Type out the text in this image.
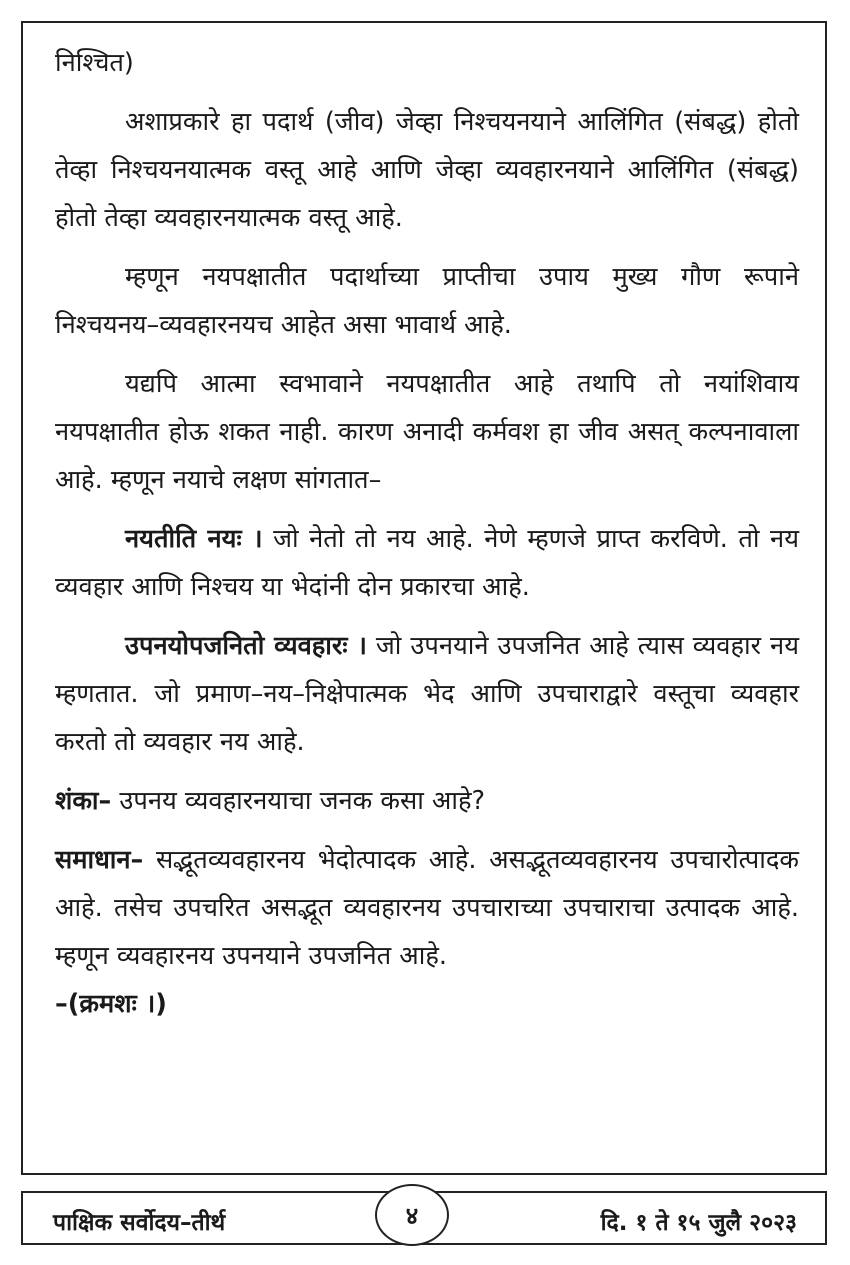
निश्चित)

अशाप्रकारे हा पदार्थ (जीव) जेव्हा निश्चयनयाने आलिंगित (संबद्ध) होतो तेव्हा निश्चयनयात्मक वस्तू आहे आणि जेव्हा व्यवहारनयाने आलिंगित (संबद्ध) होतो तेव्हा व्यवहारनयात्मक वस्तू आहे.

म्हणून नयपक्षातीत पदार्थाच्या प्राप्तीचा उपाय मुख्य गौण रूपाने निश्चयनय–व्यवहारनयच आहेत असा भावार्थ आहे.

यद्यपि आत्मा स्वभावाने नयपक्षातीत आहे तथापि तो नयांशिवाय नयपक्षातीत होऊ शकत नाही. कारण अनादी कर्मवश हा जीव असत् कल्पनावाला आहे. म्हणून नयाचे लक्षण सांगतात–

नयतीति नयः । जो नेतो तो नय आहे. नेणे म्हणजे प्राप्त करविणे. तो नय व्यवहार आणि निश्चय या भेदांनी दोन प्रकारचा आहे.

उपनयोपजनितो व्यवहारः । जो उपनयाने उपजनित आहे त्यास व्यवहार नय म्हणतात. जो प्रमाण–नय–निक्षेपात्मक भेद आणि उपचाराद्वारे वस्तूचा व्यवहार करतो तो व्यवहार नय आहे.

शंका– उपनय व्यवहारनयाचा जनक कसा आहे?

समाधान– सद्भूतव्यवहारनय भेदोत्पादक आहे. असद्भूतव्यवहारनय उपचारोत्पादक आहे. तसेच उपचरित असद्भूत व्यवहारनय उपचाराच्या उपचाराचा उत्पादक आहे. म्हणून व्यवहारनय उपनयाने उपजनित आहे.

–(क्रमशः ।)

पाक्षिक सर्वोदय–तीर्थ	दि. १ ते १५ जुलै २०२३
४
